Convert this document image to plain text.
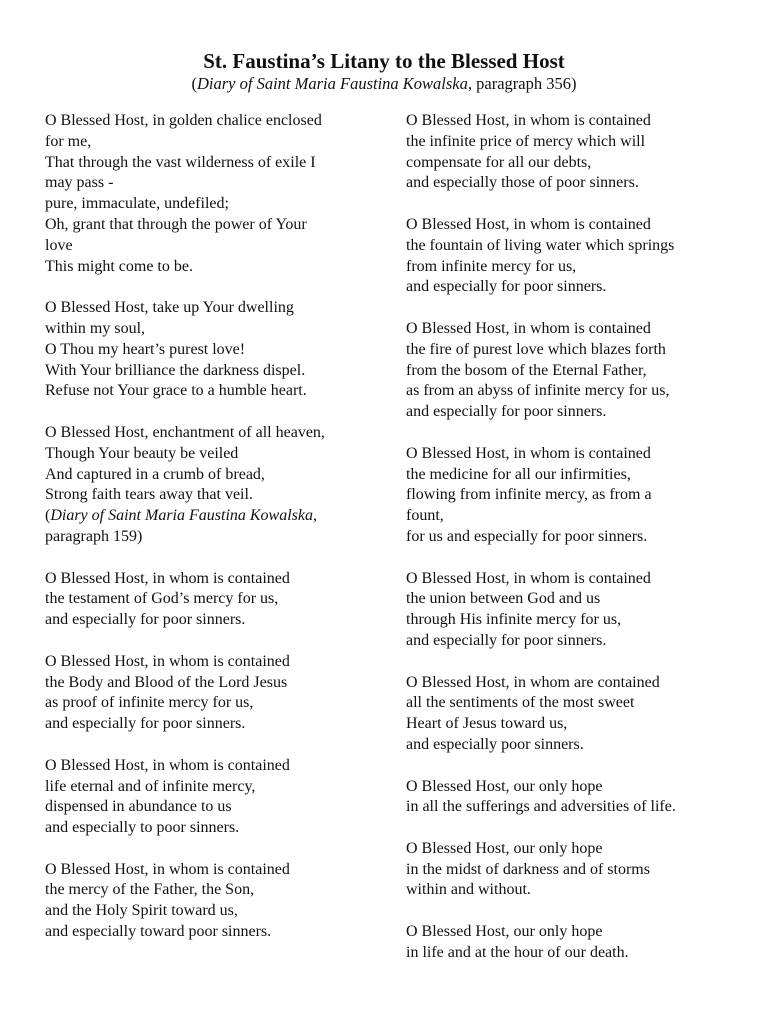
St. Faustina’s Litany to the Blessed Host
(Diary of Saint Maria Faustina Kowalska, paragraph 356)
O Blessed Host, in golden chalice enclosed
for me,
That through the vast wilderness of exile I
may pass -
pure, immaculate, undefiled;
Oh, grant that through the power of Your
love
This might come to be.
O Blessed Host, take up Your dwelling
within my soul,
O Thou my heart’s purest love!
With Your brilliance the darkness dispel.
Refuse not Your grace to a humble heart.
O Blessed Host, enchantment of all heaven,
Though Your beauty be veiled
And captured in a crumb of bread,
Strong faith tears away that veil.
(Diary of Saint Maria Faustina Kowalska,
paragraph 159)
O Blessed Host, in whom is contained
the testament of God’s mercy for us,
and especially for poor sinners.
O Blessed Host, in whom is contained
the Body and Blood of the Lord Jesus
as proof of infinite mercy for us,
and especially for poor sinners.
O Blessed Host, in whom is contained
life eternal and of infinite mercy,
dispensed in abundance to us
and especially to poor sinners.
O Blessed Host, in whom is contained
the mercy of the Father, the Son,
and the Holy Spirit toward us,
and especially toward poor sinners.
O Blessed Host, in whom is contained
the infinite price of mercy which will
compensate for all our debts,
and especially those of poor sinners.
O Blessed Host, in whom is contained
the fountain of living water which springs
from infinite mercy for us,
and especially for poor sinners.
O Blessed Host, in whom is contained
the fire of purest love which blazes forth
from the bosom of the Eternal Father,
as from an abyss of infinite mercy for us,
and especially for poor sinners.
O Blessed Host, in whom is contained
the medicine for all our infirmities,
flowing from infinite mercy, as from a
fount,
for us and especially for poor sinners.
O Blessed Host, in whom is contained
the union between God and us
through His infinite mercy for us,
and especially for poor sinners.
O Blessed Host, in whom are contained
all the sentiments of the most sweet
Heart of Jesus toward us,
and especially poor sinners.
O Blessed Host, our only hope
in all the sufferings and adversities of life.
O Blessed Host, our only hope
in the midst of darkness and of storms
within and without.
O Blessed Host, our only hope
in life and at the hour of our death.
